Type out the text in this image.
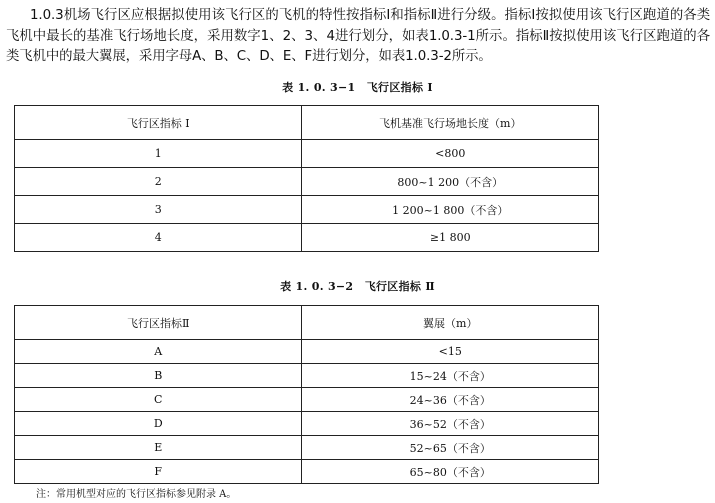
1.0.3机场飞行区应根据拟使用该飞行区的飞机的特性按指标I和指标Ⅱ进行分级。指标I按拟使用该飞行区跑道的各类飞机中最长的基准飞行场地长度，采用数字1、2、3、4进行划分，如表1.0.3-1所示。指标Ⅱ按拟使用该飞行区跑道的各类飞机中的最大翼展，采用字母A、B、C、D、E、F进行划分，如表1.0.3-2所示。

表 1. 0. 3−1　飞行区指标 Ⅰ

飞行区指标 Ⅰ	飞机基准飞行场地长度（m）
1	<800
2	800~1 200（不含）
3	1 200~1 800（不含）
4	≥1 800

表 1. 0. 3−2　飞行区指标 Ⅱ

飞行区指标Ⅱ	翼展（m）
A	<15
B	15~24（不含）
C	24~36（不含）
D	36~52（不含）
E	52~65（不含）
F	65~80（不含）

注：常用机型对应的飞行区指标参见附录 A。
